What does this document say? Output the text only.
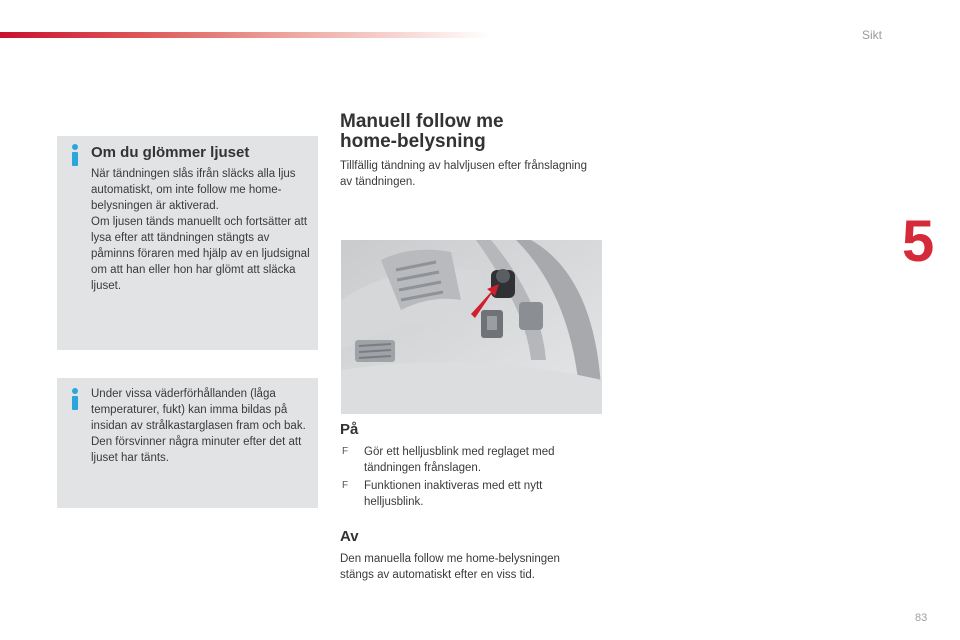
Sikt
5
Om du glömmer ljuset
När tändningen slås ifrån släcks alla ljus automatiskt, om inte follow me home-belysningen är aktiverad.
Om ljusen tänds manuellt och fortsätter att lysa efter att tändningen stängts av påminns föraren med hjälp av en ljudsignal om att han eller hon har glömt att släcka ljuset.
Under vissa väderförhållanden (låga temperaturer, fukt) kan imma bildas på insidan av strålkastarglasen fram och bak. Den försvinner några minuter efter det att ljuset har tänts.
Manuell follow me
home-belysning
Tillfällig tändning av halvljusen efter frånslagning av tändningen.
På
F Gör ett helljusblink med reglaget med tändningen frånslagen.
F Funktionen inaktiveras med ett nytt helljusblink.
Av
Den manuella follow me home-belysningen stängs av automatiskt efter en viss tid.
83
